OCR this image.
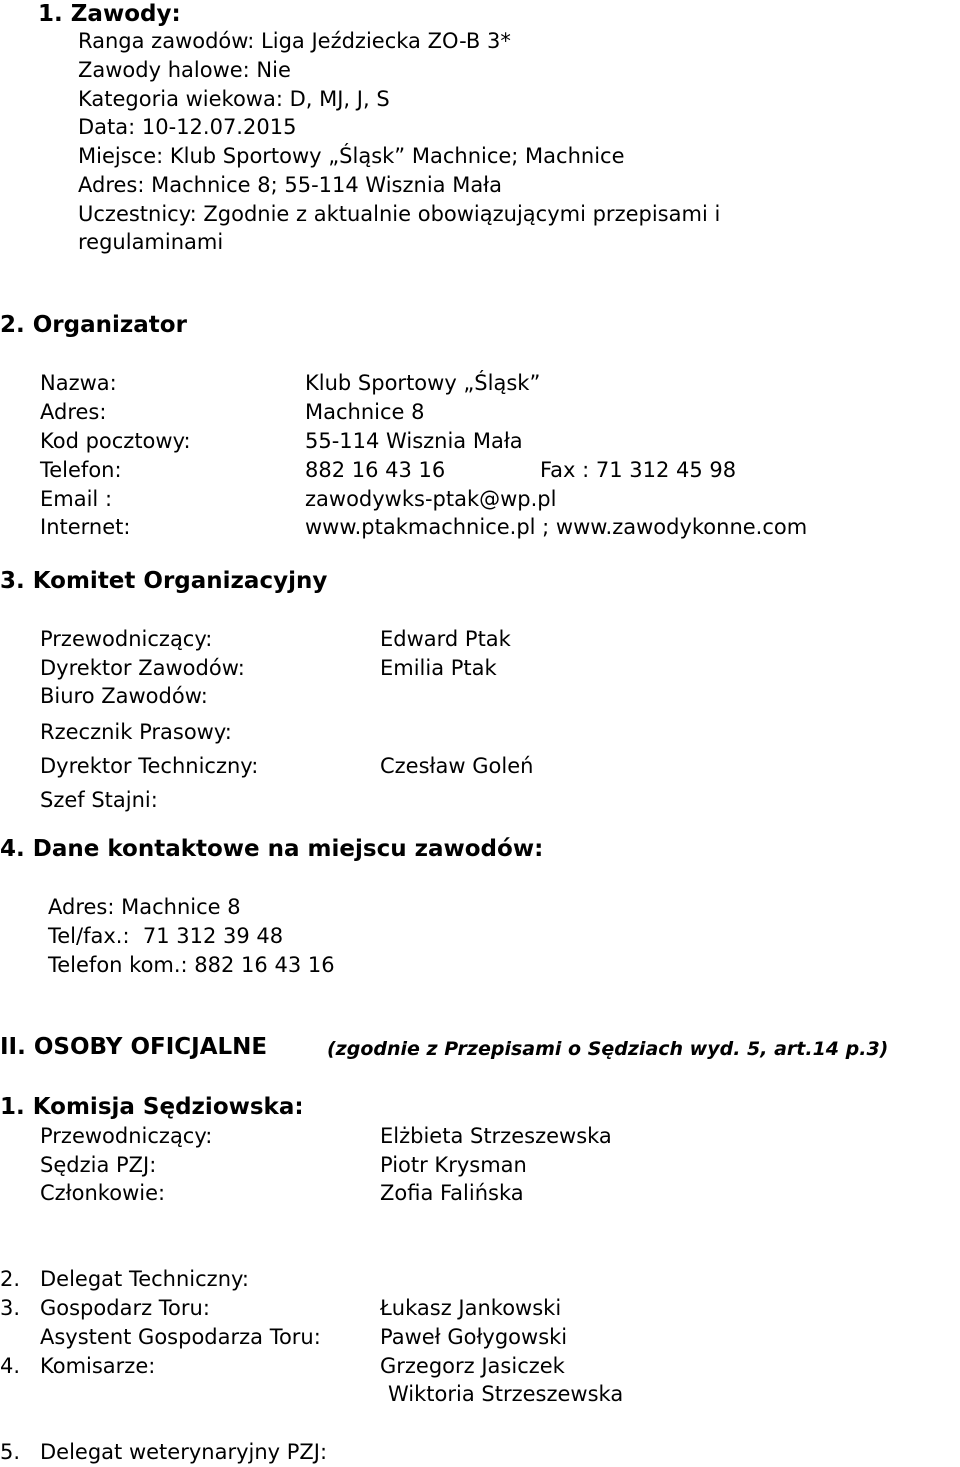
1. Zawody:
Ranga zawodów: Liga Jeździecka ZO-B 3*
Zawody halowe: Nie
Kategoria wiekowa: D, MJ, J, S
Data: 10-12.07.2015
Miejsce: Klub Sportowy „Śląsk” Machnice; Machnice
Adres: Machnice 8; 55-114 Wisznia Mała
Uczestnicy: Zgodnie z aktualnie obowiązującymi przepisami i
regulaminami
2. Organizator
Nazwa:	Klub Sportowy „Śląsk”
Adres:	Machnice 8
Kod pocztowy:	55-114 Wisznia Mała
Telefon:	882 16 43 16	Fax : 71 312 45 98
Email :	zawodywks-ptak@wp.pl
Internet:	www.ptakmachnice.pl ; www.zawodykonne.com
3. Komitet Organizacyjny
Przewodniczący:	Edward Ptak
Dyrektor Zawodów:	Emilia Ptak
Biuro Zawodów:
Rzecznik Prasowy:
Dyrektor Techniczny:	Czesław Goleń
Szef Stajni:
4. Dane kontaktowe na miejscu zawodów:
Adres: Machnice 8
Tel/fax.:  71 312 39 48
Telefon kom.: 882 16 43 16
II. OSOBY OFICJALNE	(zgodnie z Przepisami o Sędziach wyd. 5, art.14 p.3)
1. Komisja Sędziowska:
Przewodniczący:	Elżbieta Strzeszewska
Sędzia PZJ:	Piotr Krysman
Członkowie:	Zofia Falińska
2. Delegat Techniczny:
3. Gospodarz Toru:	Łukasz Jankowski
Asystent Gospodarza Toru:	Paweł Gołygowski
4. Komisarze:	Grzegorz Jasiczek
Wiktoria Strzeszewska
5. Delegat weterynaryjny PZJ:
